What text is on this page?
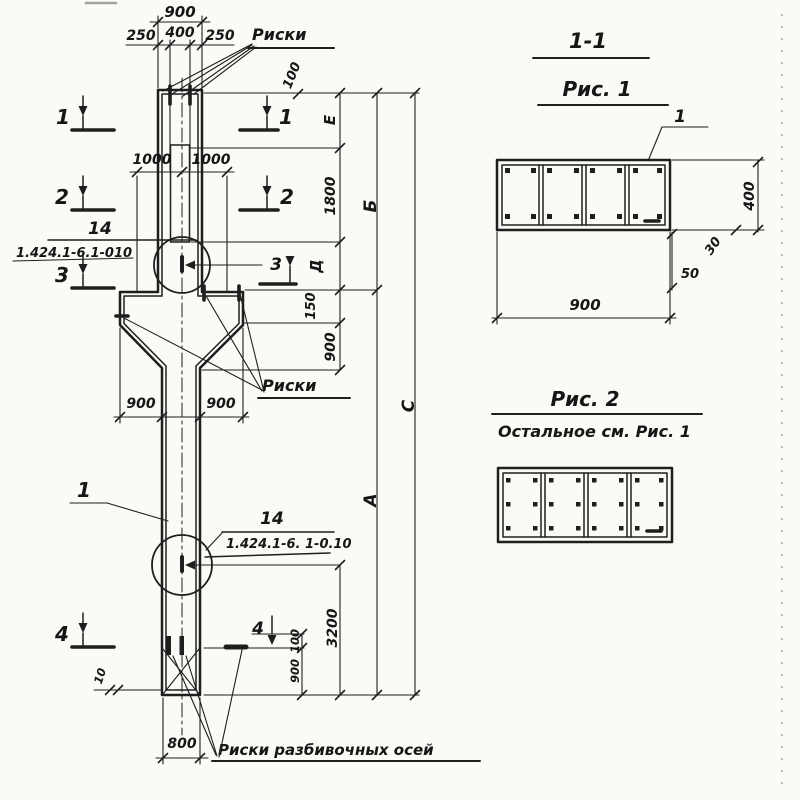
900
250 400 250 Риски
100
1000 1000
Е
1800
Д
150
900
Б
А
С
3200
100
900
900	900
Риски
10
800 Риски разбивочных осей
1	1
2	2
3	3
4	4
14
1.424.1-6.1-010
14
1.424.1-6. 1-0.10
1
1-1
Рис. 1
1
900
400
30
50
Рис. 2
Остальное см. Рис. 1
